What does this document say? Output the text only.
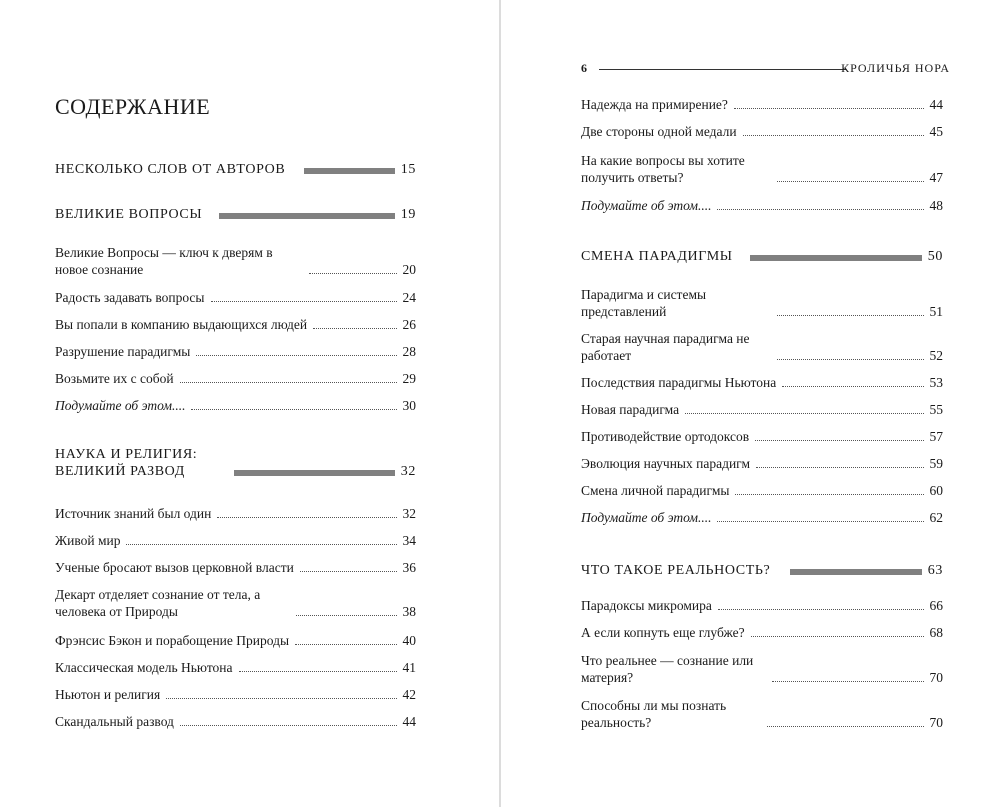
СОДЕРЖАНИЕ
НЕСКОЛЬКО СЛОВ ОТ АВТОРОВ	15
ВЕЛИКИЕ ВОПРОСЫ	19
Великие Вопросы — ключ к дверям в новое сознание	20
Радость задавать вопросы	24
Вы попали в компанию выдающихся людей	26
Разрушение парадигмы	28
Возьмите их с собой	29
Подумайте об этом....	30
НАУКА И РЕЛИГИЯ: ВЕЛИКИЙ РАЗВОД	32
Источник знаний был один	32
Живой мир	34
Ученые бросают вызов церковной власти	36
Декарт отделяет сознание от тела, а человека от Природы	38
Фрэнсис Бэкон и порабощение Природы	40
Классическая модель Ньютона	41
Ньютон и религия	42
Скандальный развод	44
6	КРОЛИЧЬЯ НОРА
Надежда на примирение?	44
Две стороны одной медали	45
На какие вопросы вы хотите получить ответы?	47
Подумайте об этом....	48
СМЕНА ПАРАДИГМЫ	50
Парадигма и системы представлений	51
Старая научная парадигма не работает	52
Последствия парадигмы Ньютона	53
Новая парадигма	55
Противодействие ортодоксов	57
Эволюция научных парадигм	59
Смена личной парадигмы	60
Подумайте об этом....	62
ЧТО ТАКОЕ РЕАЛЬНОСТЬ?	63
Парадоксы микромира	66
А если копнуть еще глубже?	68
Что реальнее — сознание или материя?	70
Способны ли мы познать реальность?	70
